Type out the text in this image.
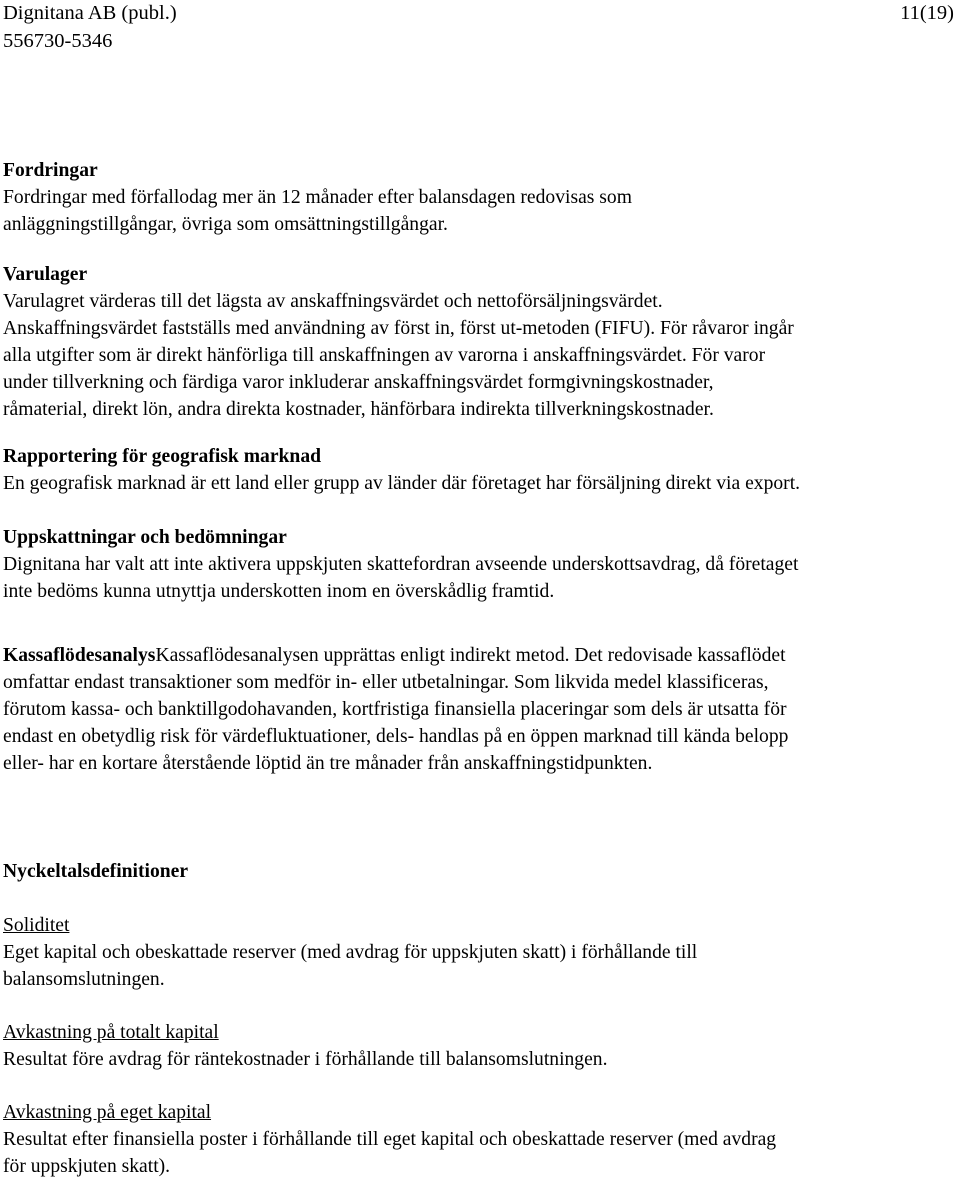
Dignitana AB (publ.)
556730-5346
11(19)

Fordringar

Fordringar med förfallodag mer än 12 månader efter balansdagen redovisas som

anläggningstillgångar, övriga som omsättningstillgångar.

Varulager

Varulagret värderas till det lägsta av anskaffningsvärdet och nettoförsäljningsvärdet.

Anskaffningsvärdet fastställs med användning av först in, först ut-metoden (FIFU). För råvaror ingår

alla utgifter som är direkt hänförliga till anskaffningen av varorna i anskaffningsvärdet. För varor

under tillverkning och färdiga varor inkluderar anskaffningsvärdet formgivningskostnader,

råmaterial, direkt lön, andra direkta kostnader, hänförbara indirekta tillverkningskostnader.

Rapportering för geografisk marknad

En geografisk marknad är ett land eller grupp av länder där företaget har försäljning direkt via export.

Uppskattningar och bedömningar

Dignitana har valt att inte aktivera uppskjuten skattefordran avseende underskottsavdrag, då företaget

inte bedöms kunna utnyttja underskotten inom en överskådlig framtid.

KassaflödesanalysKassaflödesanalysen upprättas enligt indirekt metod. Det redovisade kassaflödet

omfattar endast transaktioner som medför in- eller utbetalningar. Som likvida medel klassificeras,

förutom kassa- och banktillgodohavanden, kortfristiga finansiella placeringar som dels är utsatta för

endast en obetydlig risk för värdefluktuationer, dels- handlas på en öppen marknad till kända belopp

eller- har en kortare återstående löptid än tre månader från anskaffningstidpunkten.

Nyckeltalsdefinitioner

Soliditet

Eget kapital och obeskattade reserver (med avdrag för uppskjuten skatt) i förhållande till

balansomslutningen.

Avkastning på totalt kapital

Resultat före avdrag för räntekostnader i förhållande till balansomslutningen.

Avkastning på eget kapital

Resultat efter finansiella poster i förhållande till eget kapital och obeskattade reserver (med avdrag

för uppskjuten skatt).
